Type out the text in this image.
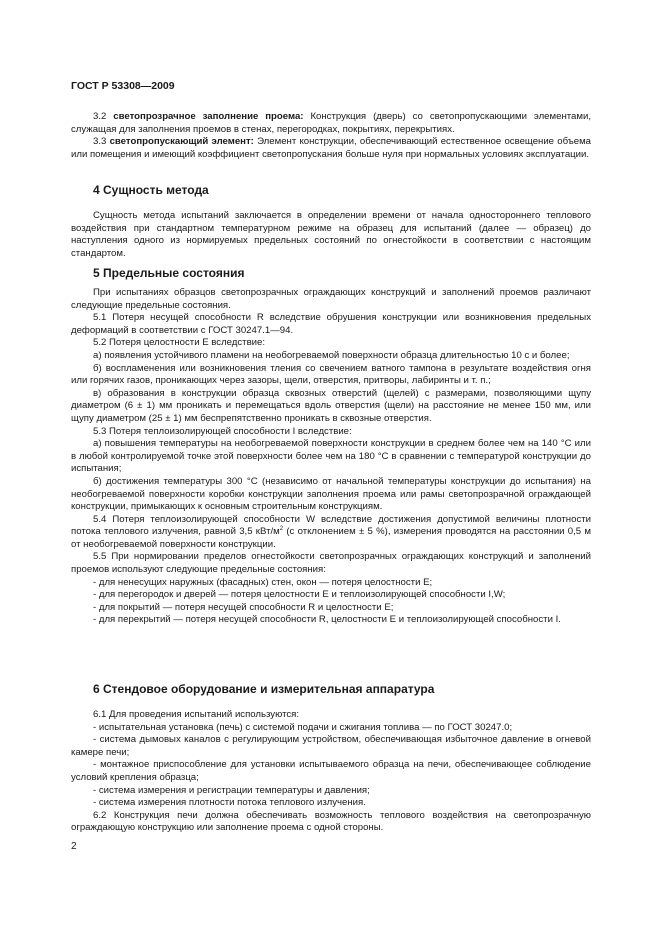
ГОСТ Р 53308—2009

3.2 светопрозрачное заполнение проема: Конструкция (дверь) со светопропускающими элементами, служащая для заполнения проемов в стенах, перегородках, покрытиях, перекрытиях.

3.3 светопропускающий элемент: Элемент конструкции, обеспечивающий естественное освещение объема или помещения и имеющий коэффициент светопропускания больше нуля при нормальных условиях эксплуатации.

4 Сущность метода

Сущность метода испытаний заключается в определении времени от начала одностороннего теплового воздействия при стандартном температурном режиме на образец для испытаний (далее — образец) до наступления одного из нормируемых предельных состояний по огнестойкости в соответствии с настоящим стандартом.

5 Предельные состояния

При испытаниях образцов светопрозрачных ограждающих конструкций и заполнений проемов различают следующие предельные состояния.

5.1 Потеря несущей способности R вследствие обрушения конструкции или возникновения предельных деформаций в соответствии с ГОСТ 30247.1—94.

5.2 Потеря целостности E вследствие:

а) появления устойчивого пламени на необогреваемой поверхности образца длительностью 10 с и более;

б) воспламенения или возникновения тления со свечением ватного тампона в результате воздействия огня или горячих газов, проникающих через зазоры, щели, отверстия, притворы, лабиринты и т. п.;

в) образования в конструкции образца сквозных отверстий (щелей) с размерами, позволяющими щупу диаметром (6 ± 1) мм проникать и перемещаться вдоль отверстия (щели) на расстояние не менее 150 мм, или щупу диаметром (25 ± 1) мм беспрепятственно проникать в сквозные отверстия.

5.3 Потеря теплоизолирующей способности I вследствие:

а) повышения температуры на необогреваемой поверхности конструкции в среднем более чем на 140 °С или в любой контролируемой точке этой поверхности более чем на 180 °С в сравнении с температурой конструкции до испытания;

б) достижения температуры 300 °С (независимо от начальной температуры конструкции до испытания) на необогреваемой поверхности коробки конструкции заполнения проема или рамы светопрозрачной ограждающей конструкции, примыкающих к основным строительным конструкциям.

5.4 Потеря теплоизолирующей способности W вследствие достижения допустимой величины плотности потока теплового излучения, равной 3,5 кВт/$м^2$ (с отклонением ± 5 %), измерения проводятся на расстоянии 0,5 м от необогреваемой поверхности конструкции.

5.5 При нормировании пределов огнестойкости светопрозрачных ограждающих конструкций и заполнений проемов используют следующие предельные состояния:

- для ненесущих наружных (фасадных) стен, окон — потеря целостности E;

- для перегородок и дверей — потеря целостности E и теплоизолирующей способности I,W;

- для покрытий — потеря несущей способности R и целостности E;

- для перекрытий — потеря несущей способности R, целостности E и теплоизолирующей способности I.

6 Стендовое оборудование и измерительная аппаратура

6.1 Для проведения испытаний используются:

- испытательная установка (печь) с системой подачи и сжигания топлива — по ГОСТ 30247.0;

- система дымовых каналов с регулирующим устройством, обеспечивающая избыточное давление в огневой камере печи;

- монтажное приспособление для установки испытываемого образца на печи, обеспечивающее соблюдение условий крепления образца;

- система измерения и регистрации температуры и давления;

- система измерения плотности потока теплового излучения.

6.2 Конструкция печи должна обеспечивать возможность теплового воздействия на светопрозрачную ограждающую конструкцию или заполнение проема с одной стороны.

2
